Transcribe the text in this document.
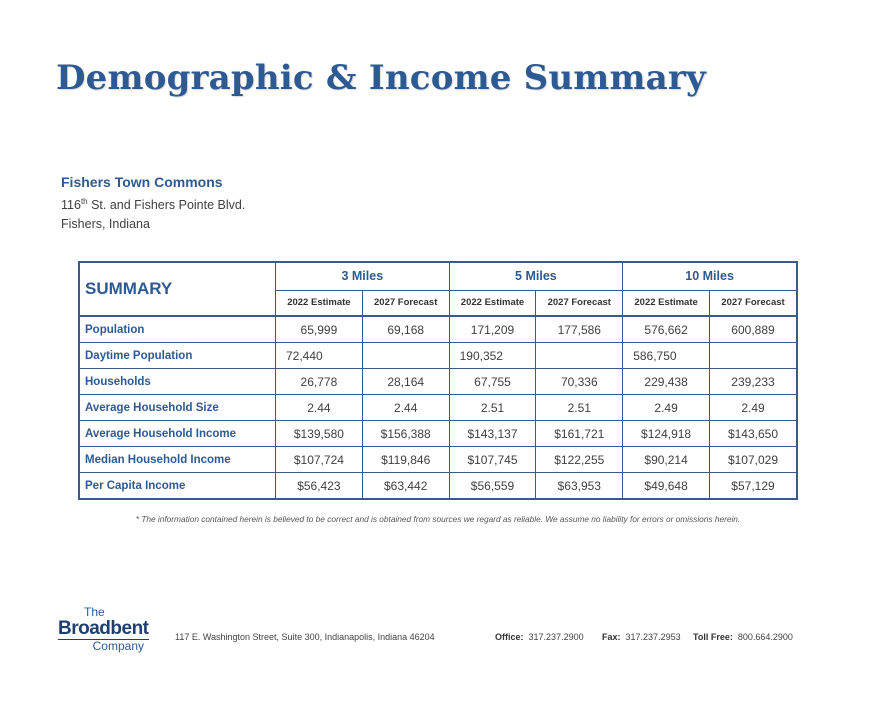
Demographic & Income Summary
Fishers Town Commons
116th St. and Fishers Pointe Blvd.
Fishers, Indiana
SUMMARY	3 Miles		5 Miles		10 Miles	
	2022 Estimate	2027 Forecast	2022 Estimate	2027 Forecast	2022 Estimate	2027 Forecast
Population	65,999	69,168	171,209	177,586	576,662	600,889
Daytime Population	72,440		190,352		586,750	
Households	26,778	28,164	67,755	70,336	229,438	239,233
Average Household Size	2.44	2.44	2.51	2.51	2.49	2.49
Average Household Income	$139,580	$156,388	$143,137	$161,721	$124,918	$143,650
Median Household Income	$107,724	$119,846	$107,745	$122,255	$90,214	$107,029
Per Capita Income	$56,423	$63,442	$56,559	$63,953	$49,648	$57,129
* The information contained herein is believed to be correct and is obtained from sources we regard as reliable. We assume no liability for errors or omissions herein.
The
Broadbent
Company
117 E. Washington Street, Suite 300, Indianapolis, Indiana 46204	Office: 317.237.2900 Fax: 317.237.2953 Toll Free: 800.664.2900
